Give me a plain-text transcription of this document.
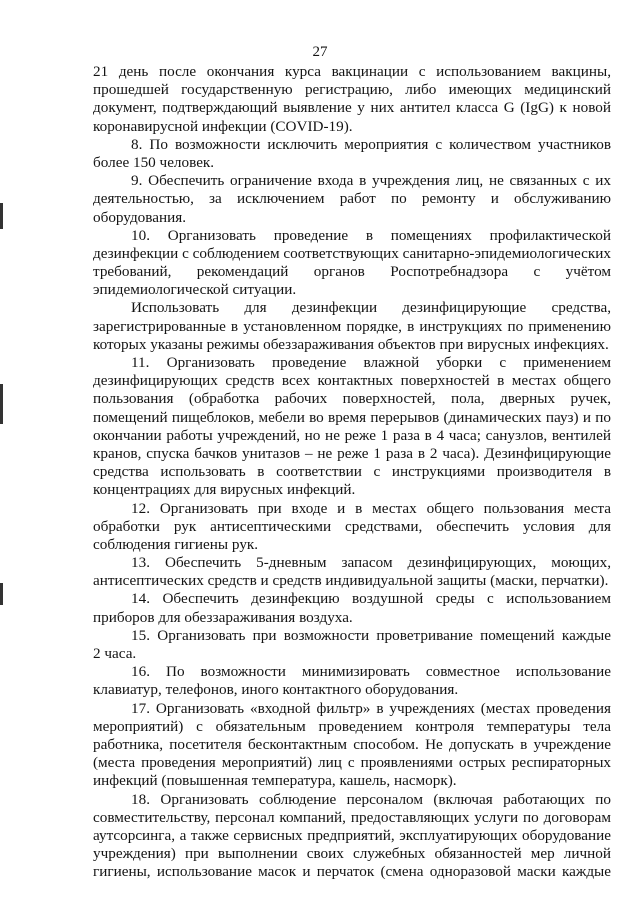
27
21 день после окончания курса вакцинации с использованием вакцины,
прошедшей государственную регистрацию, либо имеющих медицинский
документ, подтверждающий выявление у них антител класса G (IgG) к новой
коронавирусной инфекции (COVID-19).
8. По возможности исключить мероприятия с количеством участников
более 150 человек.
9. Обеспечить ограничение входа в учреждения лиц, не связанных с их
деятельностью, за исключением работ по ремонту и обслуживанию
оборудования.
10. Организовать проведение в помещениях профилактической
дезинфекции с соблюдением соответствующих санитарно-эпидемиологических
требований, рекомендаций органов Роспотребнадзора с учётом
эпидемиологической ситуации.
Использовать для дезинфекции дезинфицирующие средства,
зарегистрированные в установленном порядке, в инструкциях по применению
которых указаны режимы обеззараживания объектов при вирусных инфекциях.
11. Организовать проведение влажной уборки с применением
дезинфицирующих средств всех контактных поверхностей в местах общего
пользования (обработка рабочих поверхностей, пола, дверных ручек,
помещений пищеблоков, мебели во время перерывов (динамических пауз) и по
окончании работы учреждений, но не реже 1 раза в 4 часа; санузлов, вентилей
кранов, спуска бачков унитазов – не реже 1 раза в 2 часа). Дезинфицирующие
средства использовать в соответствии с инструкциями производителя в
концентрациях для вирусных инфекций.
12. Организовать при входе и в местах общего пользования места
обработки рук антисептическими средствами, обеспечить условия для
соблюдения гигиены рук.
13. Обеспечить 5-дневным запасом дезинфицирующих, моющих,
антисептических средств и средств индивидуальной защиты (маски, перчатки).
14. Обеспечить дезинфекцию воздушной среды с использованием
приборов для обеззараживания воздуха.
15. Организовать при возможности проветривание помещений каждые
2 часа.
16. По возможности минимизировать совместное использование
клавиатур, телефонов, иного контактного оборудования.
17. Организовать «входной фильтр» в учреждениях (местах проведения
мероприятий) с обязательным проведением контроля температуры тела
работника, посетителя бесконтактным способом. Не допускать в учреждение
(места проведения мероприятий) лиц с проявлениями острых респираторных
инфекций (повышенная температура, кашель, насморк).
18. Организовать соблюдение персоналом (включая работающих по
совместительству, персонал компаний, предоставляющих услуги по договорам
аутсорсинга, а также сервисных предприятий, эксплуатирующих оборудование
учреждения) при выполнении своих служебных обязанностей мер личной
гигиены, использование масок и перчаток (смена одноразовой маски каждые
